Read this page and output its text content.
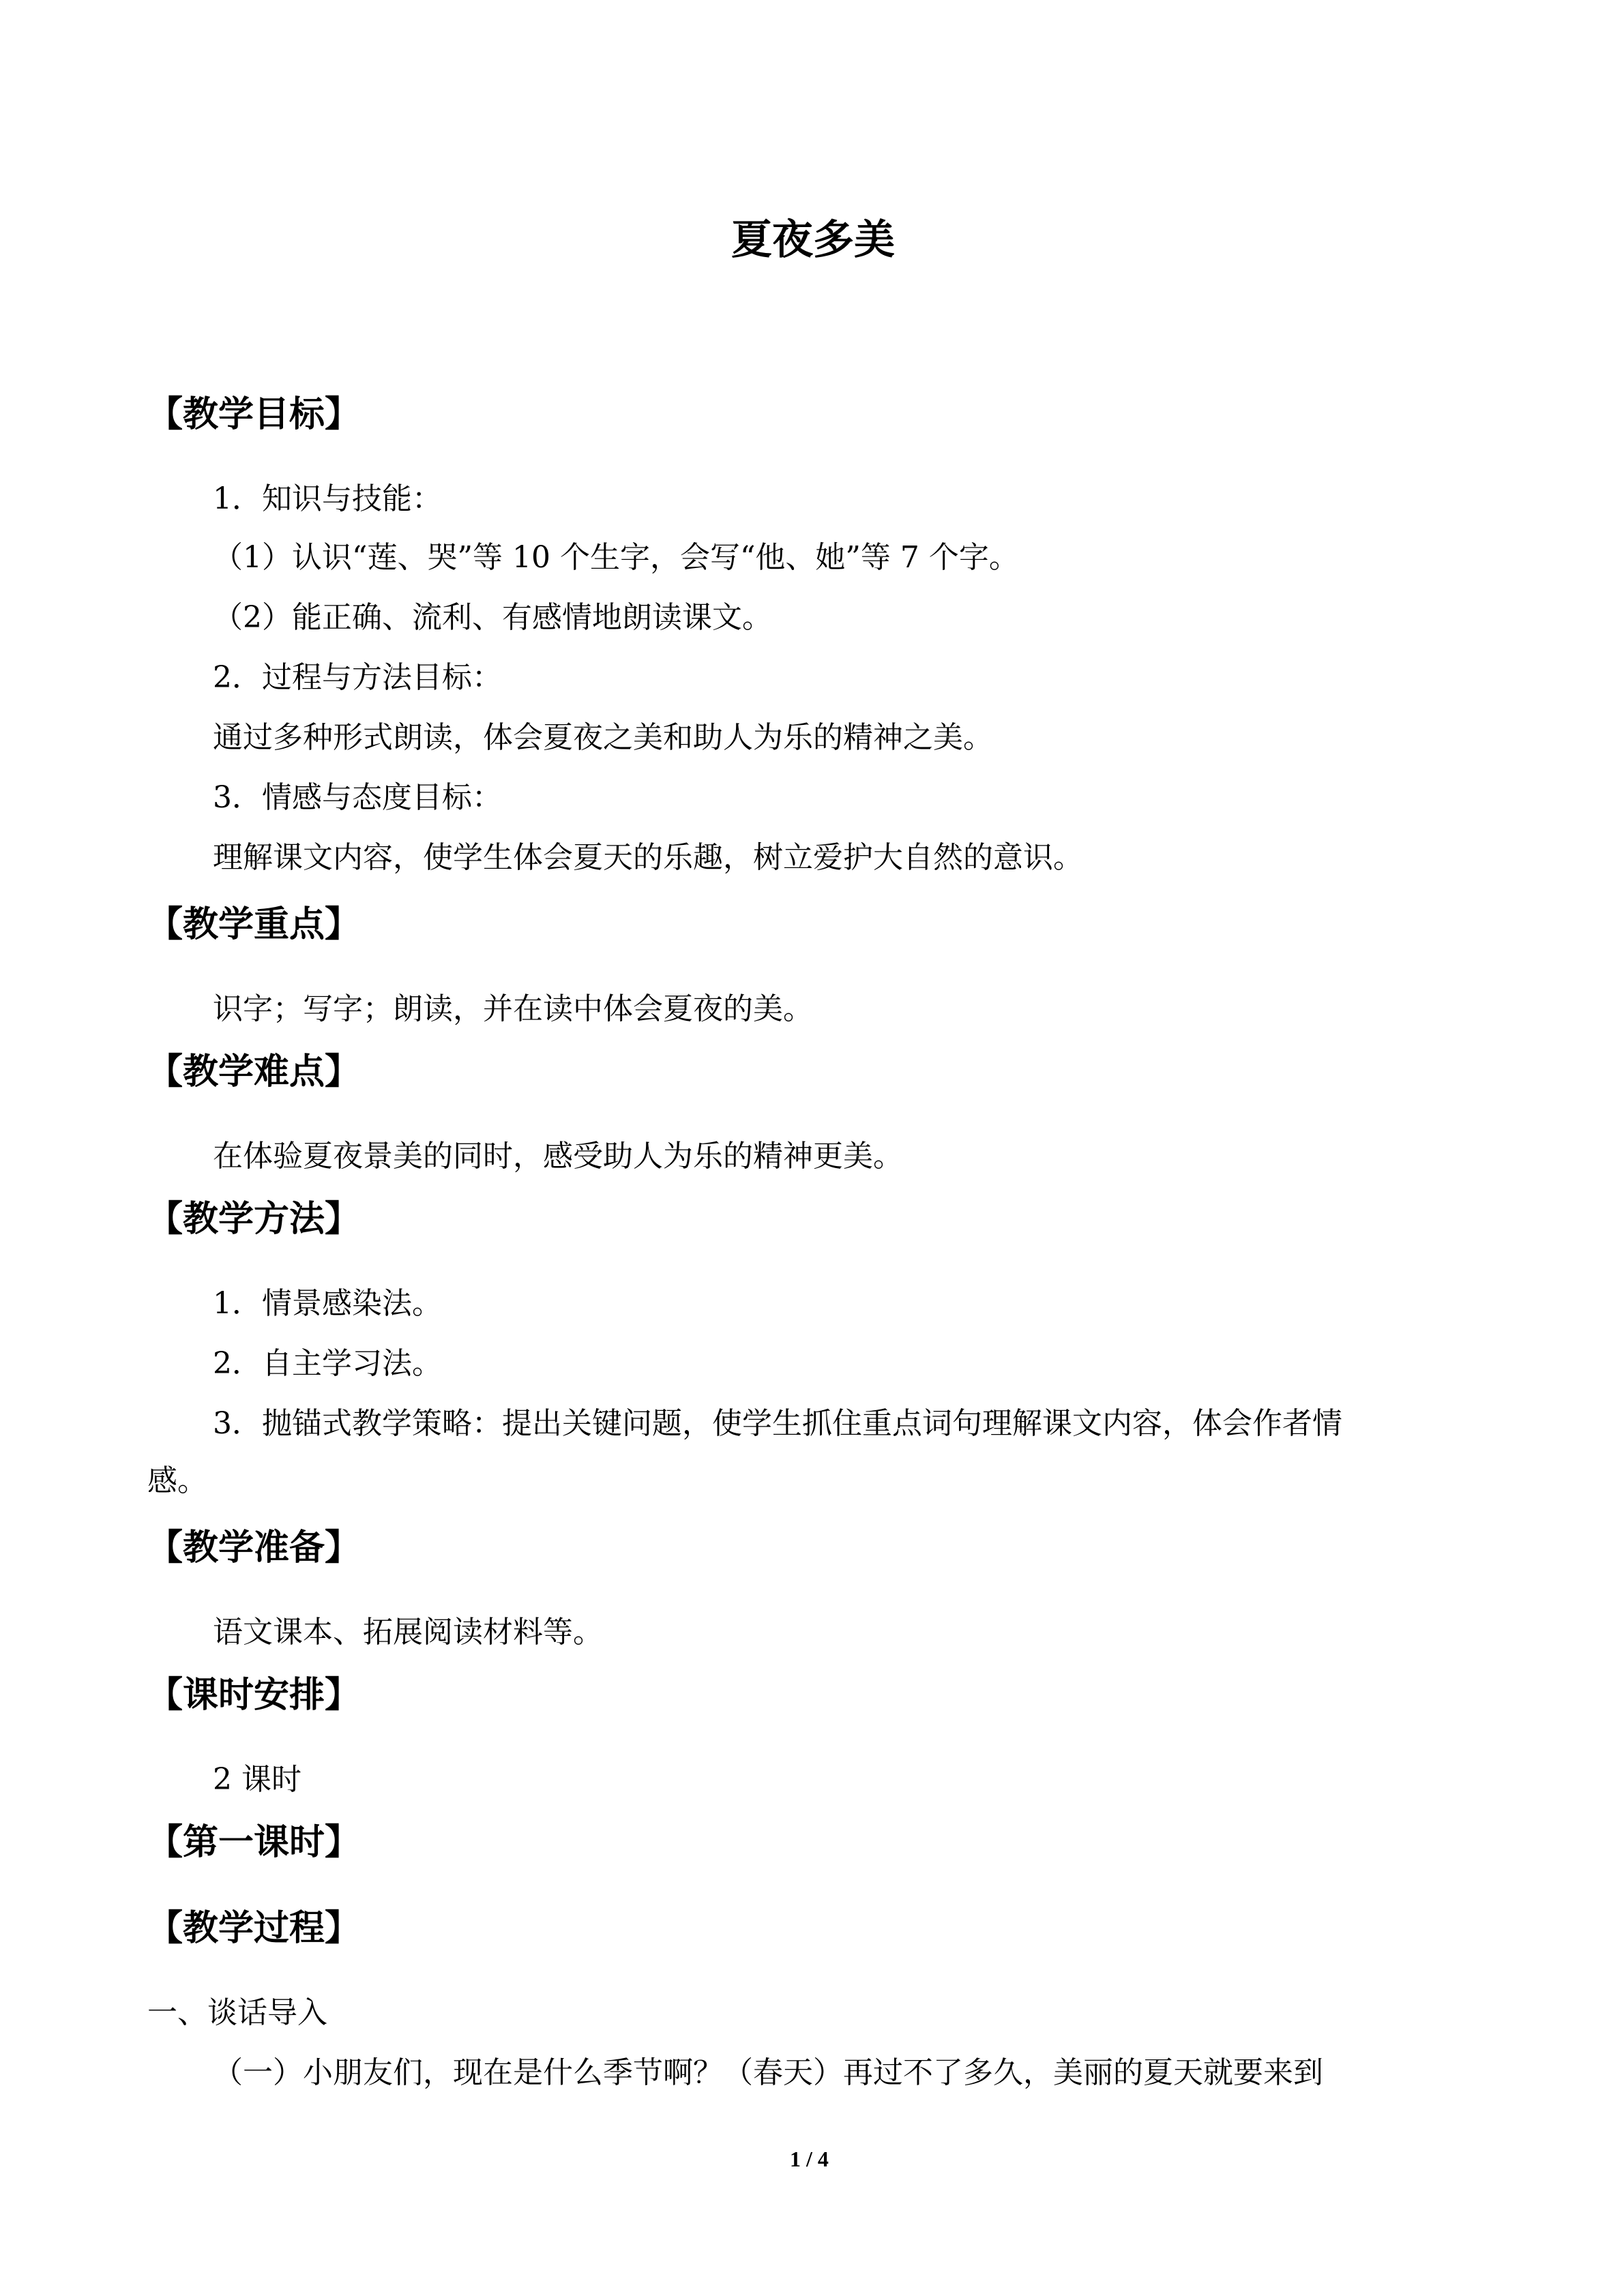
夏夜多美
【教学目标】
1．知识与技能：
（1）认识“莲、哭”等 10 个生字，会写“他、她”等 7 个字。
（2）能正确、流利、有感情地朗读课文。
2．过程与方法目标：
通过多种形式朗读，体会夏夜之美和助人为乐的精神之美。
3．情感与态度目标：
理解课文内容，使学生体会夏天的乐趣，树立爱护大自然的意识。
【教学重点】
识字；写字；朗读，并在读中体会夏夜的美。
【教学难点】
在体验夏夜景美的同时，感受助人为乐的精神更美。
【教学方法】
1．情景感染法。
2．自主学习法。
3．抛锚式教学策略：提出关键问题，使学生抓住重点词句理解课文内容，体会作者情
感。
【教学准备】
语文课本、拓展阅读材料等。
【课时安排】
2 课时
【第一课时】
【教学过程】
一、谈话导入
（一）小朋友们，现在是什么季节啊？（春天）再过不了多久，美丽的夏天就要来到
1 / 4
